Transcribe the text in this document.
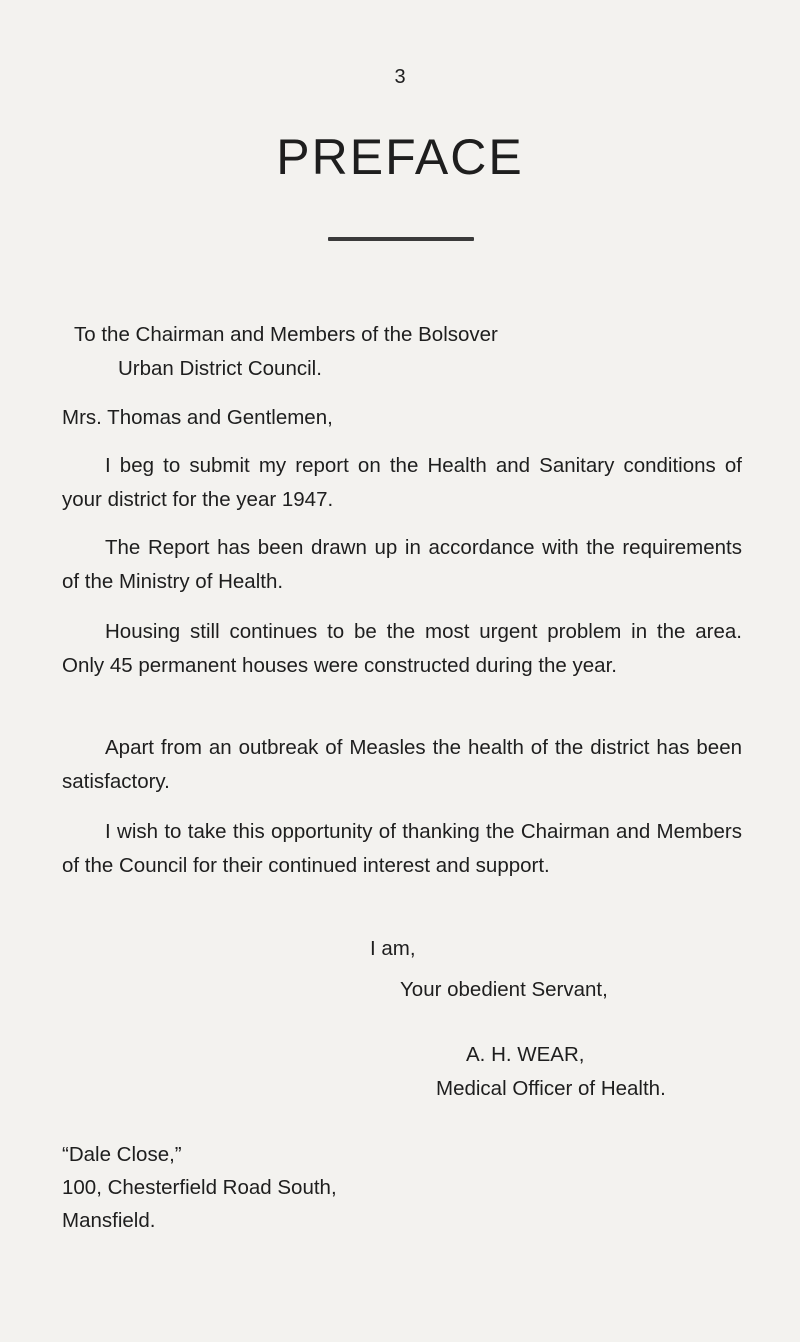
3
PREFACE

To the Chairman and Members of the Bolsover

Urban District Council.

Mrs. Thomas and Gentlemen,

I beg to submit my report on the Health and Sanitary conditions of your district for the year 1947.

The Report has been drawn up in accordance with the requirements of the Ministry of Health.

Housing still continues to be the most urgent problem in the area. Only 45 permanent houses were constructed during the year.

Apart from an outbreak of Measles the health of the district has been satisfactory.

I wish to take this opportunity of thanking the Chairman and Members of the Council for their continued interest and support.

I am,

Your obedient Servant,

A. H. WEAR,

Medical Officer of Health.

“Dale Close,”

100, Chesterfield Road South,

Mansfield.
